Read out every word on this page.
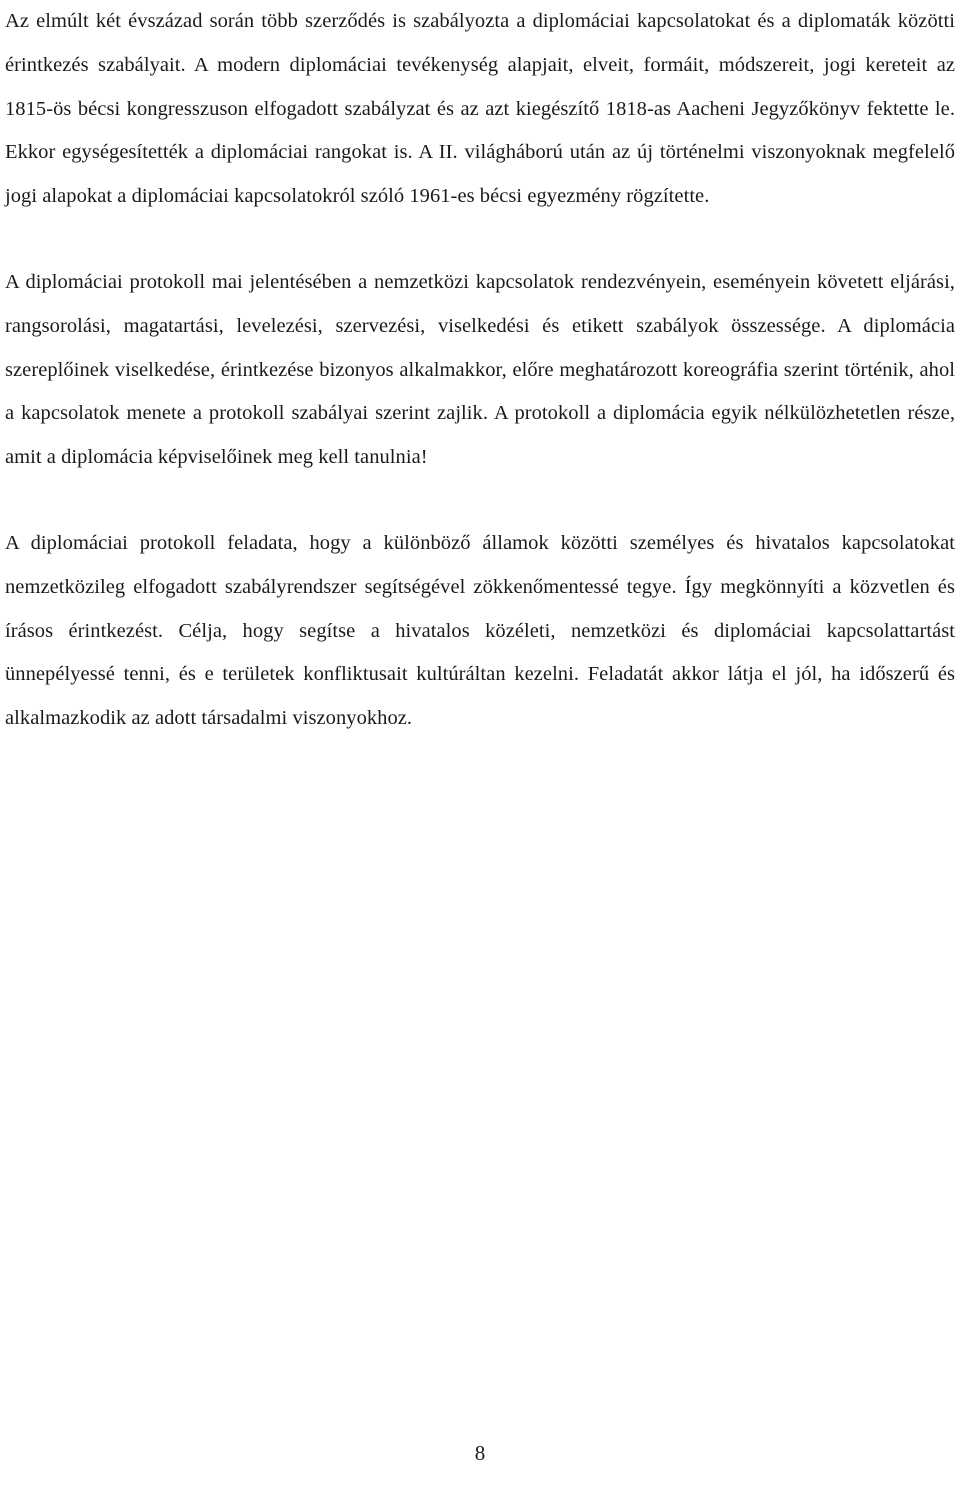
Az elmúlt két évszázad során több szerződés is szabályozta a diplomáciai kapcsolatokat és a diplomaták közötti érintkezés szabályait. A modern diplomáciai tevékenység alapjait, elveit, formáit, módszereit, jogi kereteit az 1815-ös bécsi kongresszuson elfogadott szabályzat és az azt kiegészítő 1818-as Aacheni Jegyzőkönyv fektette le. Ekkor egységesítették a diplomáciai rangokat is. A II. világháború után az új történelmi viszonyoknak megfelelő jogi alapokat a diplomáciai kapcsolatokról szóló 1961-es bécsi egyezmény rögzítette.

A diplomáciai protokoll mai jelentésében a nemzetközi kapcsolatok rendezvényein, eseményein követett eljárási, rangsorolási, magatartási, levelezési, szervezési, viselkedési és etikett szabályok összessége. A diplomácia szereplőinek viselkedése, érintkezése bizonyos alkalmakkor, előre meghatározott koreográfia szerint történik, ahol a kapcsolatok menete a protokoll szabályai szerint zajlik. A protokoll a diplomácia egyik nélkülözhetetlen része, amit a diplomácia képviselőinek meg kell tanulnia!

A diplomáciai protokoll feladata, hogy a különböző államok közötti személyes és hivatalos kapcsolatokat nemzetközileg elfogadott szabályrendszer segítségével zökkenőmentessé tegye. Így megkönnyíti a közvetlen és írásos érintkezést. Célja, hogy segítse a hivatalos közéleti, nemzetközi és diplomáciai kapcsolattartást ünnepélyessé tenni, és e területek konfliktusait kultúráltan kezelni. Feladatát akkor látja el jól, ha időszerű és alkalmazkodik az adott társadalmi viszonyokhoz.

8
